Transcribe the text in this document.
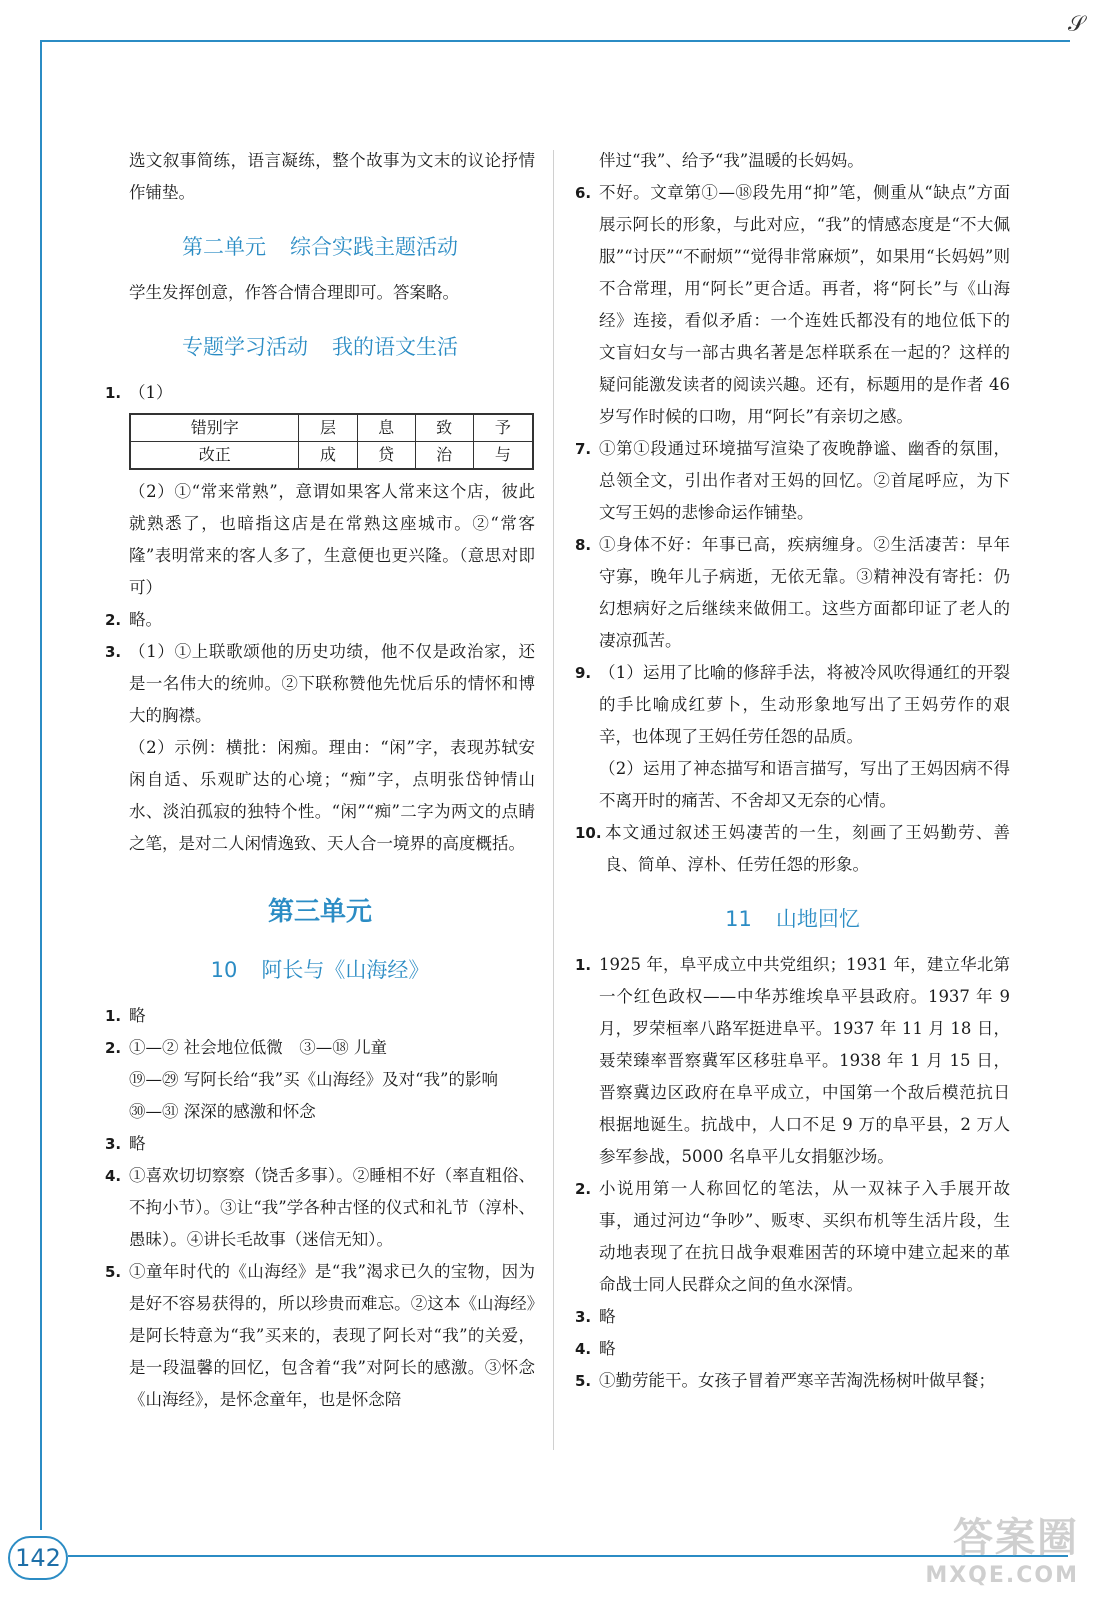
𝒮

选文叙事简练，语言凝练，整个故事为文末的议论抒情作铺垫。

第二单元 综合实践主题活动

学生发挥创意，作答合情合理即可。答案略。

专题学习活动 我的语文生活
1. （1）
错别字	层	息	致	予
改正	成	贷	治	与

（2）①“常来常熟”，意谓如果客人常来这个店，彼此就熟悉了，也暗指这店是在常熟这座城市。②“常客隆”表明常来的客人多了，生意便也更兴隆。（意思对即可）

2. 略。
3. （1）①上联歌颂他的历史功绩，他不仅是政治家，还是一名伟大的统帅。②下联称赞他先忧后乐的情怀和博大的胸襟。

（2）示例：横批：闲痴。理由：“闲”字，表现苏轼安闲自适、乐观旷达的心境；“痴”字，点明张岱钟情山水、淡泊孤寂的独特个性。“闲”“痴”二字为两文的点睛之笔，是对二人闲情逸致、天人合一境界的高度概括。

第三单元
10 阿长与《山海经》
1. 略
2. ①—② 社会地位低微　③—⑱ 儿童

⑲—㉙ 写阿长给“我”买《山海经》及对“我”的影响

㉚—㉛ 深深的感激和怀念

3. 略
4. ①喜欢切切察察（饶舌多事）。②睡相不好（率直粗俗、不拘小节）。③让“我”学各种古怪的仪式和礼节（淳朴、愚昧）。④讲长毛故事（迷信无知）。
5. ①童年时代的《山海经》是“我”渴求已久的宝物，因为是好不容易获得的，所以珍贵而难忘。②这本《山海经》是阿长特意为“我”买来的，表现了阿长对“我”的关爱，是一段温馨的回忆，包含着“我”对阿长的感激。③怀念《山海经》，是怀念童年，也是怀念陪

伴过“我”、给予“我”温暖的长妈妈。

6. 不好。文章第①—⑱段先用“抑”笔，侧重从“缺点”方面展示阿长的形象，与此对应，“我”的情感态度是“不大佩服”“讨厌”“不耐烦”“觉得非常麻烦”，如果用“长妈妈”则不合常理，用“阿长”更合适。再者，将“阿长”与《山海经》连接，看似矛盾：一个连姓氏都没有的地位低下的文盲妇女与一部古典名著是怎样联系在一起的？这样的疑问能激发读者的阅读兴趣。还有，标题用的是作者 46 岁写作时候的口吻，用“阿长”有亲切之感。
7. ①第①段通过环境描写渲染了夜晚静谧、幽香的氛围，总领全文，引出作者对王妈的回忆。②首尾呼应，为下文写王妈的悲惨命运作铺垫。
8. ①身体不好：年事已高，疾病缠身。②生活凄苦：早年守寡，晚年儿子病逝，无依无靠。③精神没有寄托：仍幻想病好之后继续来做佣工。这些方面都印证了老人的凄凉孤苦。
9. （1）运用了比喻的修辞手法，将被冷风吹得通红的开裂的手比喻成红萝卜，生动形象地写出了王妈劳作的艰辛，也体现了王妈任劳任怨的品质。

（2）运用了神态描写和语言描写，写出了王妈因病不得不离开时的痛苦、不舍却又无奈的心情。

10. 本文通过叙述王妈凄苦的一生，刻画了王妈勤劳、善良、简单、淳朴、任劳任怨的形象。
11 山地回忆
1. 1925 年，阜平成立中共党组织；1931 年，建立华北第一个红色政权——中华苏维埃阜平县政府。1937 年 9 月，罗荣桓率八路军挺进阜平。1937 年 11 月 18 日，聂荣臻率晋察冀军区移驻阜平。1938 年 1 月 15 日，晋察冀边区政府在阜平成立，中国第一个敌后模范抗日根据地诞生。抗战中，人口不足 9 万的阜平县，2 万人参军参战，5000 名阜平儿女捐躯沙场。
2. 小说用第一人称回忆的笔法，从一双袜子入手展开故事，通过河边“争吵”、贩枣、买织布机等生活片段，生动地表现了在抗日战争艰难困苦的环境中建立起来的革命战士同人民群众之间的鱼水深情。
3. 略
4. 略
5. ①勤劳能干。女孩子冒着严寒辛苦淘洗杨树叶做早餐；
142	答案圈
MXQE.COM
